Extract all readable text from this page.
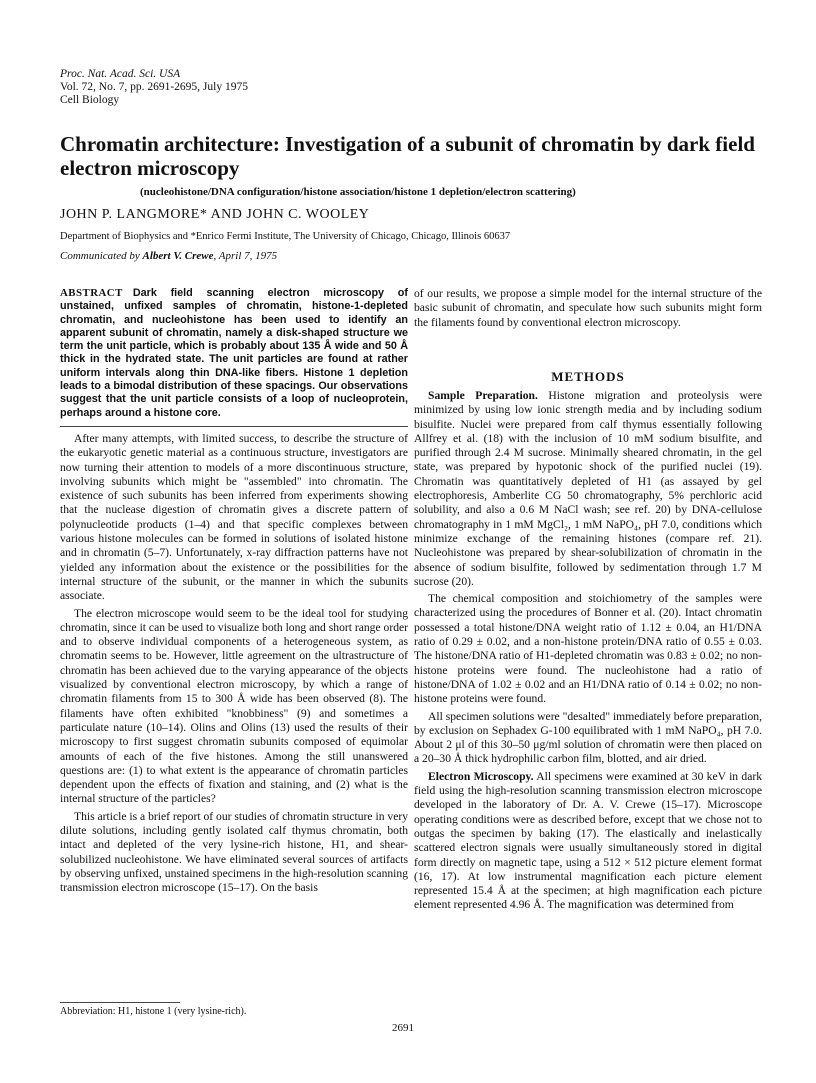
Proc. Nat. Acad. Sci. USA
Vol. 72, No. 7, pp. 2691-2695, July 1975
Cell Biology
Chromatin architecture: Investigation of a subunit of chromatin by dark field electron microscopy
(nucleohistone/DNA configuration/histone association/histone 1 depletion/electron scattering)
JOHN P. LANGMORE* AND JOHN C. WOOLEY
Department of Biophysics and *Enrico Fermi Institute, The University of Chicago, Chicago, Illinois 60637
Communicated by Albert V. Crewe, April 7, 1975
ABSTRACT Dark field scanning electron microscopy of unstained, unfixed samples of chromatin, histone-1-depleted chromatin, and nucleohistone has been used to identify an apparent subunit of chromatin, namely a disk-shaped structure we term the unit particle, which is probably about 135 Å wide and 50 Å thick in the hydrated state. The unit particles are found at rather uniform intervals along thin DNA-like fibers. Histone 1 depletion leads to a bimodal distribution of these spacings. Our observations suggest that the unit particle consists of a loop of nucleoprotein, perhaps around a histone core.

After many attempts, with limited success, to describe the structure of the eukaryotic genetic material as a continuous structure, investigators are now turning their attention to models of a more discontinuous structure, involving subunits which might be "assembled" into chromatin. The existence of such subunits has been inferred from experiments showing that the nuclease digestion of chromatin gives a discrete pattern of polynucleotide products (1–4) and that specific complexes between various histone molecules can be formed in solutions of isolated histone and in chromatin (5–7). Unfortunately, x-ray diffraction patterns have not yielded any information about the existence or the possibilities for the internal structure of the subunit, or the manner in which the subunits associate.

The electron microscope would seem to be the ideal tool for studying chromatin, since it can be used to visualize both long and short range order and to observe individual components of a heterogeneous system, as chromatin seems to be. However, little agreement on the ultrastructure of chromatin has been achieved due to the varying appearance of the objects visualized by conventional electron microscopy, by which a range of chromatin filaments from 15 to 300 Å wide has been observed (8). The filaments have often exhibited "knobbiness" (9) and sometimes a particulate nature (10–14). Olins and Olins (13) used the results of their microscopy to first suggest chromatin subunits composed of equimolar amounts of each of the five histones. Among the still unanswered questions are: (1) to what extent is the appearance of chromatin particles dependent upon the effects of fixation and staining, and (2) what is the internal structure of the particles?

This article is a brief report of our studies of chromatin structure in very dilute solutions, including gently isolated calf thymus chromatin, both intact and depleted of the very lysine-rich histone, H1, and shear-solubilized nucleohistone. We have eliminated several sources of artifacts by observing unfixed, unstained specimens in the high-resolution scanning transmission electron microscope (15–17). On the basis

of our results, we propose a simple model for the internal structure of the basic subunit of chromatin, and speculate how such subunits might form the filaments found by conventional electron microscopy.

METHODS

Sample Preparation. Histone migration and proteolysis were minimized by using low ionic strength media and by including sodium bisulfite. Nuclei were prepared from calf thymus essentially following Allfrey et al. (18) with the inclusion of 10 mM sodium bisulfite, and purified through 2.4 M sucrose. Minimally sheared chromatin, in the gel state, was prepared by hypotonic shock of the purified nuclei (19). Chromatin was quantitatively depleted of H1 (as assayed by gel electrophoresis, Amberlite CG 50 chromatography, 5% perchloric acid solubility, and also a 0.6 M NaCl wash; see ref. 20) by DNA-cellulose chromatography in 1 mM MgCl₂, 1 mM NaPO₄, pH 7.0, conditions which minimize exchange of the remaining histones (compare ref. 21). Nucleohistone was prepared by shear-solubilization of chromatin in the absence of sodium bisulfite, followed by sedimentation through 1.7 M sucrose (20).

The chemical composition and stoichiometry of the samples were characterized using the procedures of Bonner et al. (20). Intact chromatin possessed a total histone/DNA weight ratio of 1.12 ± 0.04, an H1/DNA ratio of 0.29 ± 0.02, and a non-histone protein/DNA ratio of 0.55 ± 0.03. The histone/DNA ratio of H1-depleted chromatin was 0.83 ± 0.02; no non-histone proteins were found. The nucleohistone had a ratio of histone/DNA of 1.02 ± 0.02 and an H1/DNA ratio of 0.14 ± 0.02; no non-histone proteins were found.

All specimen solutions were "desalted" immediately before preparation, by exclusion on Sephadex G-100 equilibrated with 1 mM NaPO₄, pH 7.0. About 2 μl of this 30–50 μg/ml solution of chromatin were then placed on a 20–30 Å thick hydrophilic carbon film, blotted, and air dried.

Electron Microscopy. All specimens were examined at 30 keV in dark field using the high-resolution scanning transmission electron microscope developed in the laboratory of Dr. A. V. Crewe (15–17). Microscope operating conditions were as described before, except that we chose not to outgas the specimen by baking (17). The elastically and inelastically scattered electron signals were usually simultaneously stored in digital form directly on magnetic tape, using a 512 × 512 picture element format (16, 17). At low instrumental magnification each picture element represented 15.4 Å at the specimen; at high magnification each picture element represented 4.96 Å. The magnification was determined from

Abbreviation: H1, histone 1 (very lysine-rich).
2691
